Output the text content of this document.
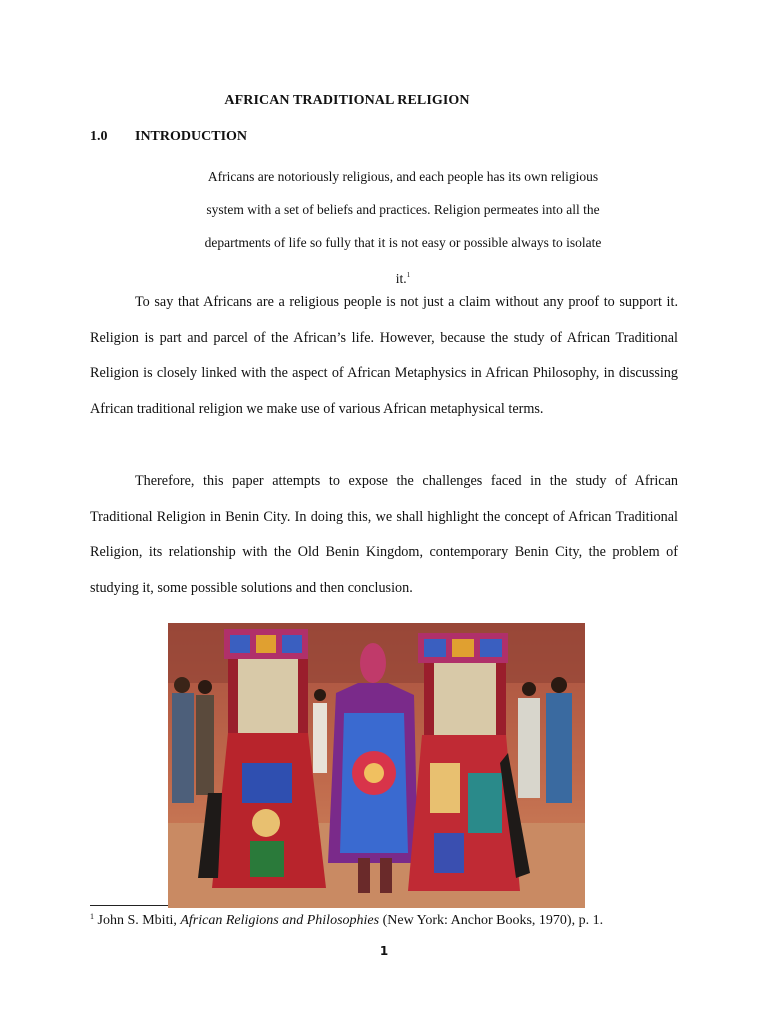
AFRICAN TRADITIONAL RELIGION
1.0 INTRODUCTION
Africans are notoriously religious, and each people has its own religious system with a set of beliefs and practices. Religion permeates into all the departments of life so fully that it is not easy or possible always to isolate it.$^1$

To say that Africans are a religious people is not just a claim without any proof to support it. Religion is part and parcel of the African’s life. However, because the study of African Traditional Religion is closely linked with the aspect of African Metaphysics in African Philosophy, in discussing African traditional religion we make use of various African metaphysical terms.

Therefore, this paper attempts to expose the challenges faced in the study of African Traditional Religion in Benin City. In doing this, we shall highlight the concept of African Traditional Religion, its relationship with the Old Benin Kingdom, contemporary Benin City, the problem of studying it, some possible solutions and then conclusion.

$^1$ John S. Mbiti, African Religions and Philosophies (New York: Anchor Books, 1970), p. 1.
1
